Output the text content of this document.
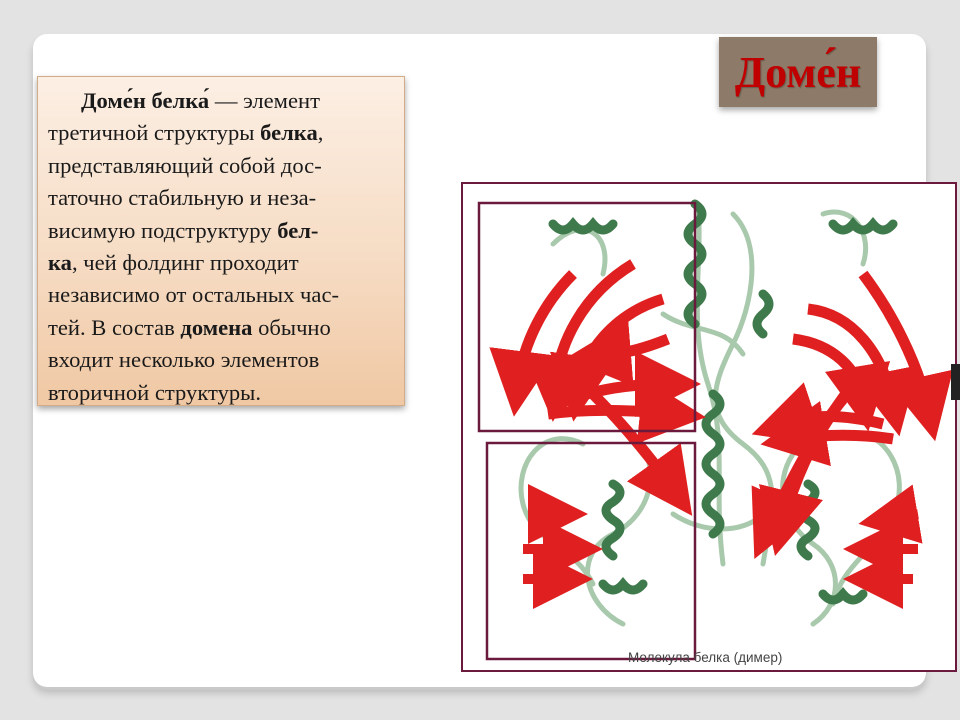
Доме́н

Доме́н белка́ — элемент
третичной структуры белка,
представляющий собой дос-
таточно стабильную и неза-
висимую подструктуру бел-
ка, чей фолдинг проходит
независимо от остальных час-
тей. В состав домена обычно
входит несколько элементов
вторичной структуры.

Молекула белка (димер)
